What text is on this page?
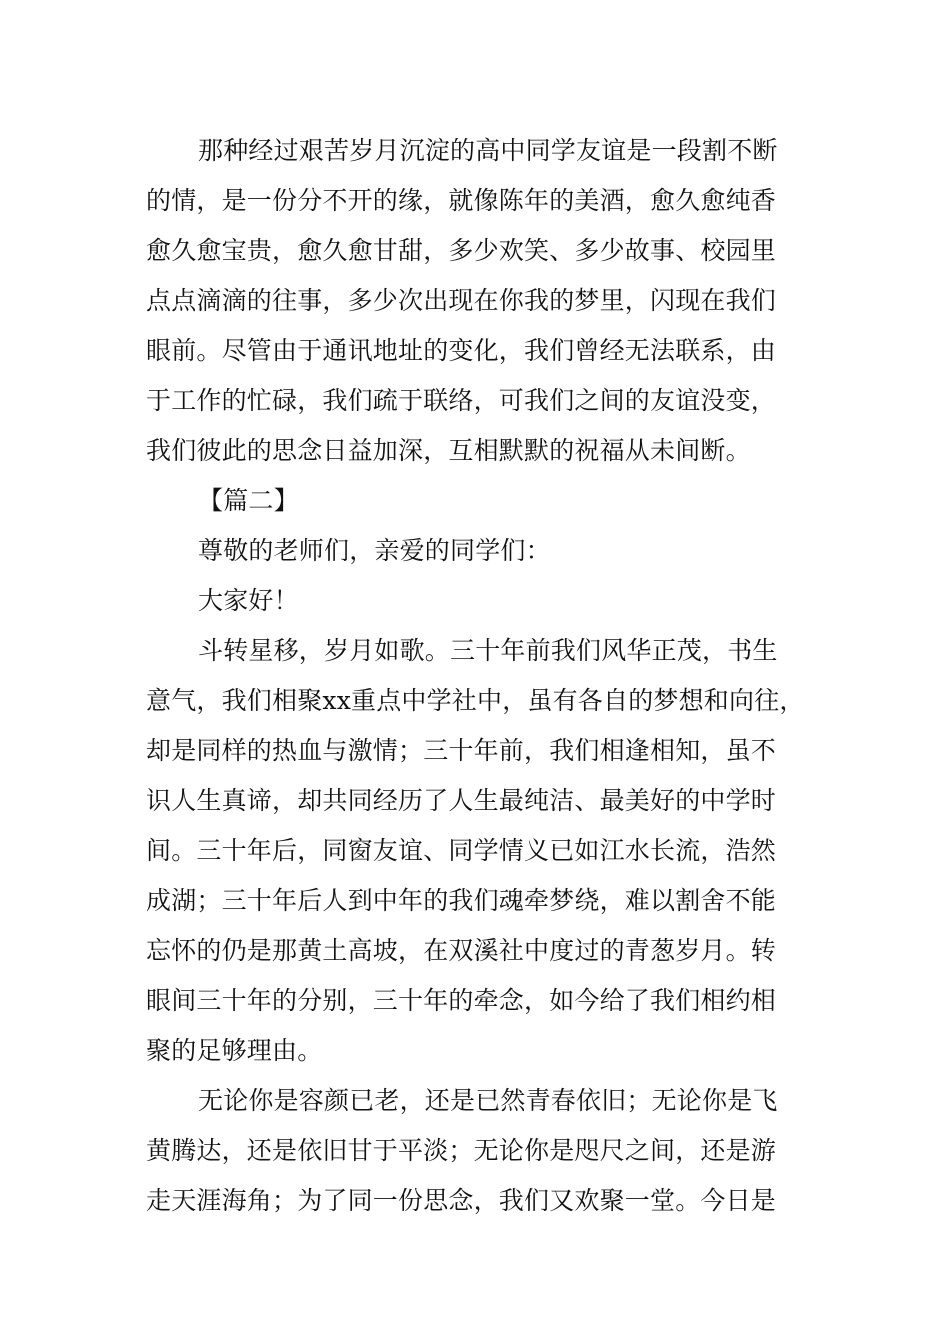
那种经过艰苦岁月沉淀的高中同学友谊是一段割不断
的情，是一份分不开的缘，就像陈年的美酒，愈久愈纯香
愈久愈宝贵，愈久愈甘甜，多少欢笑、多少故事、校园里
点点滴滴的往事，多少次出现在你我的梦里，闪现在我们
眼前。尽管由于通讯地址的变化，我们曾经无法联系，由
于工作的忙碌，我们疏于联络，可我们之间的友谊没变，
我们彼此的思念日益加深，互相默默的祝福从未间断。
【篇二】
尊敬的老师们，亲爱的同学们：
大家好！
斗转星移，岁月如歌。三十年前我们风华正茂，书生
意气，我们相聚xx重点中学社中，虽有各自的梦想和向往，
却是同样的热血与激情；三十年前，我们相逢相知，虽不
识人生真谛，却共同经历了人生最纯洁、最美好的中学时
间。三十年后，同窗友谊、同学情义已如江水长流，浩然
成湖；三十年后人到中年的我们魂牵梦绕，难以割舍不能
忘怀的仍是那黄土高坡，在双溪社中度过的青葱岁月。转
眼间三十年的分别，三十年的牵念，如今给了我们相约相
聚的足够理由。
无论你是容颜已老，还是已然青春依旧；无论你是飞
黄腾达，还是依旧甘于平淡；无论你是咫尺之间，还是游
走天涯海角；为了同一份思念，我们又欢聚一堂。今日是
